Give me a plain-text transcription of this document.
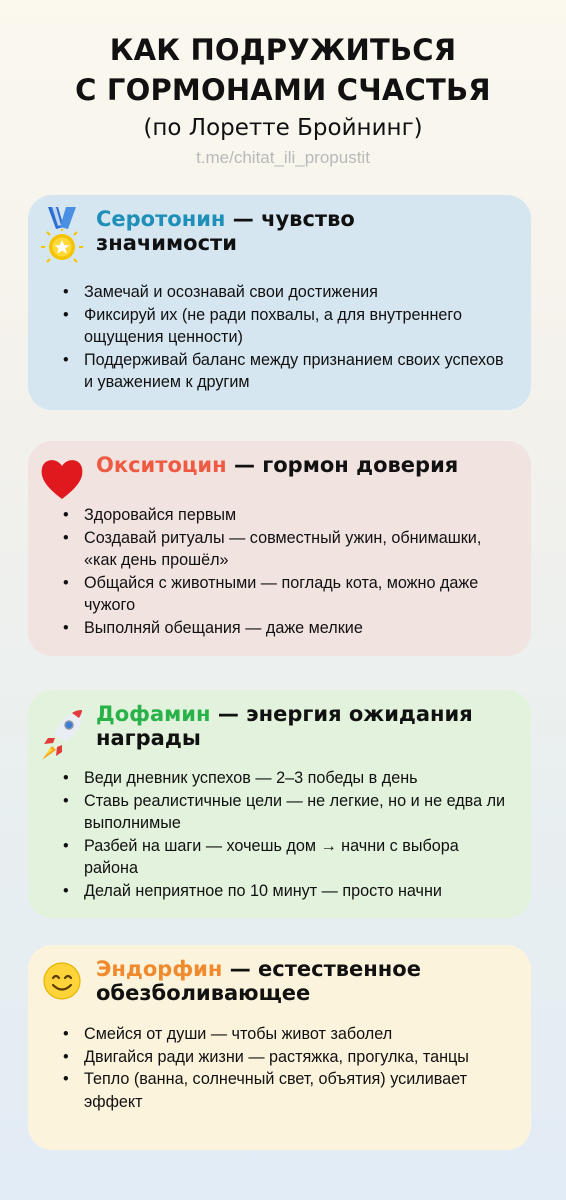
КАК ПОДРУЖИТЬСЯ
С ГОРМОНАМИ СЧАСТЬЯ
(по Лоретте Бройнинг)
t.me/chitat_ili_propustit
Серотонин — чувство
значимости
• Замечай и осознавай свои достижения
• Фиксируй их (не ради похвалы, а для внутреннего ощущения ценности)
• Поддерживай баланс между признанием своих успехов и уважением к другим
Окситоцин — гормон доверия
• Здоровайся первым
• Создавай ритуалы — совместный ужин, обнимашки, «как день прошёл»
• Общайся с животными — погладь кота, можно даже чужого
• Выполняй обещания — даже мелкие
Дофамин — энергия ожидания
награды
• Веди дневник успехов — 2–3 победы в день
• Ставь реалистичные цели — не легкие, но и не едва ли выполнимые
• Разбей на шаги — хочешь дом → начни с выбора района
• Делай неприятное по 10 минут — просто начни
Эндорфин — естественное
обезболивающее
• Смейся от души — чтобы живот заболел
• Двигайся ради жизни — растяжка, прогулка, танцы
• Тепло (ванна, солнечный свет, объятия) усиливает эффект
